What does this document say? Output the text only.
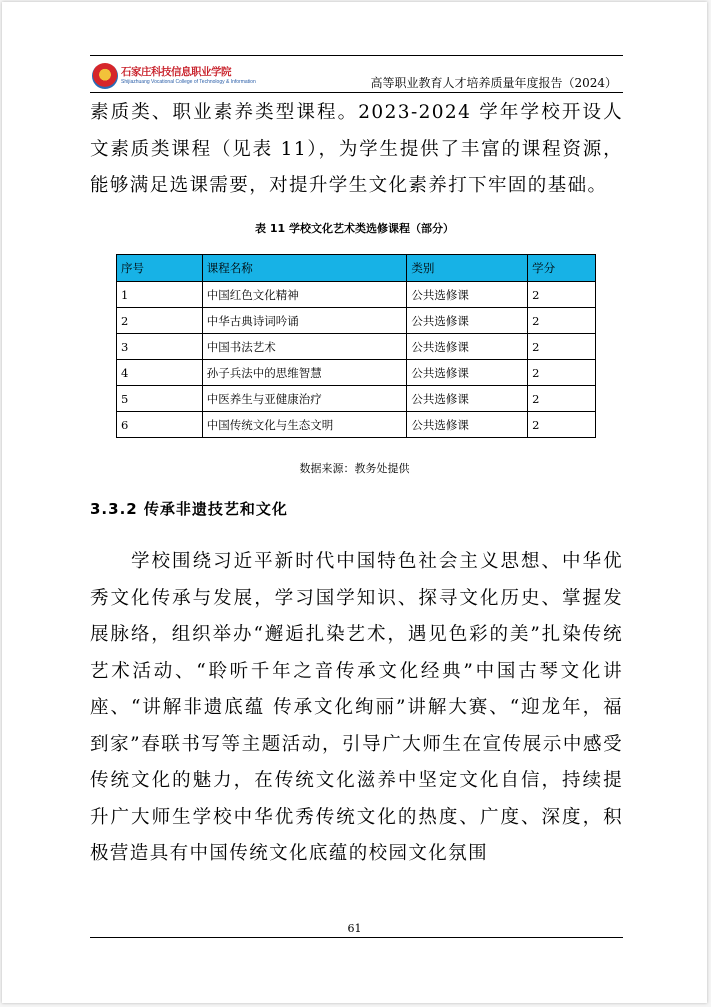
石家庄科技信息职业学院
Shijiazhuang Vocational College of Technology & Information	高等职业教育人才培养质量年度报告（2024）

素质类、职业素养类型课程。2023-2024 学年学校开设人文素质类课程（见表 11），为学生提供了丰富的课程资源，能够满足选课需要，对提升学生文化素养打下牢固的基础。

表 11 学校文化艺术类选修课程（部分）
序号	课程名称	类别	学分
1	中国红色文化精神	公共选修课	2
2	中华古典诗词吟诵	公共选修课	2
3	中国书法艺术	公共选修课	2
4	孙子兵法中的思维智慧	公共选修课	2
5	中医养生与亚健康治疗	公共选修课	2
6	中国传统文化与生态文明	公共选修课	2
数据来源：教务处提供
3.3.2 传承非遗技艺和文化

学校围绕习近平新时代中国特色社会主义思想、中华优秀文化传承与发展，学习国学知识、探寻文化历史、掌握发展脉络，组织举办“邂逅扎染艺术，遇见色彩的美”扎染传统艺术活动、“聆听千年之音传承文化经典”中国古琴文化讲座、“讲解非遗底蕴 传承文化绚丽”讲解大赛、“迎龙年，福到家”春联书写等主题活动，引导广大师生在宣传展示中感受传统文化的魅力，在传统文化滋养中坚定文化自信，持续提升广大师生学校中华优秀传统文化的热度、广度、深度，积极营造具有中国传统文化底蕴的校园文化氛围

61
